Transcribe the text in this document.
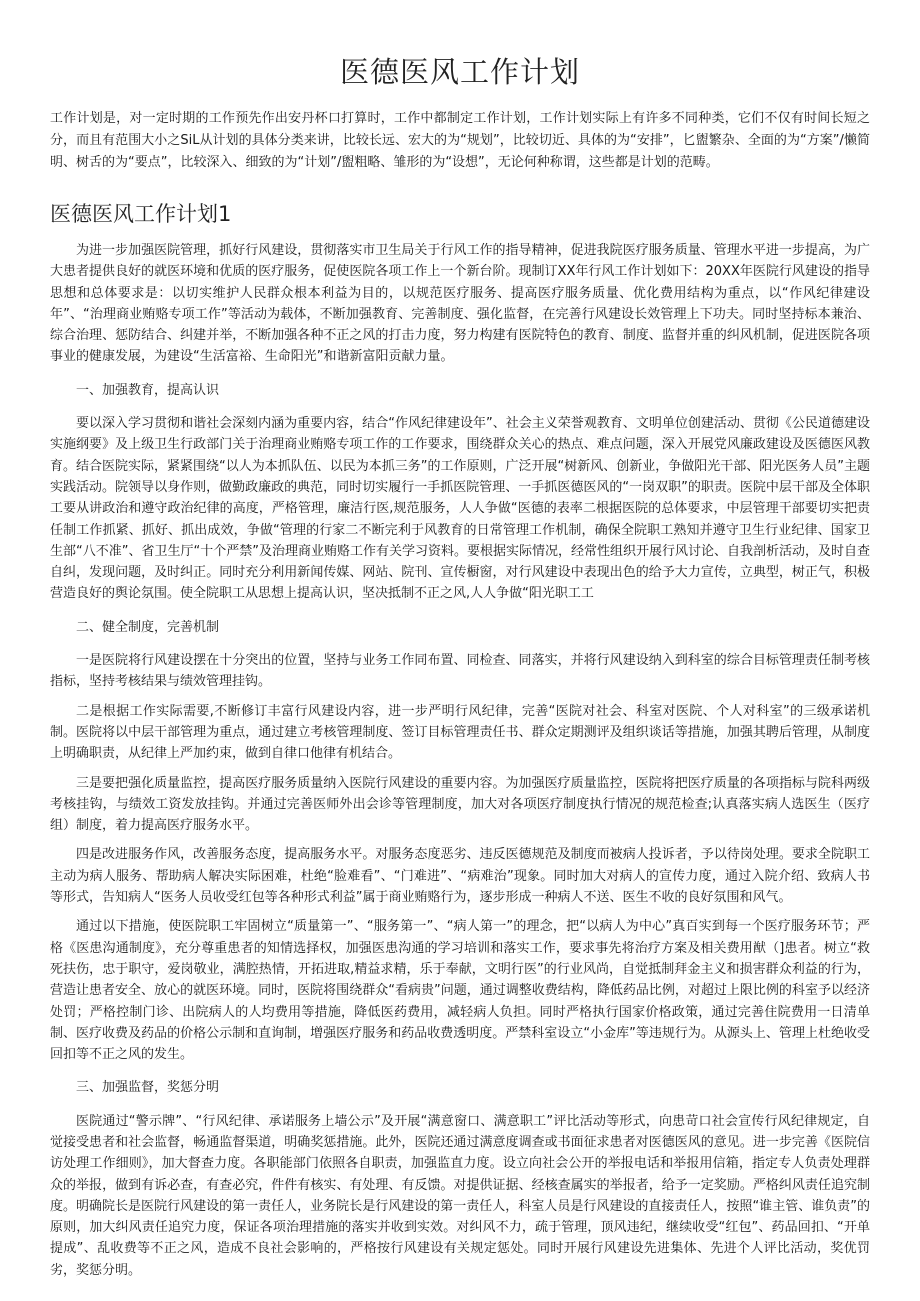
医德医风工作计划

工作计划是，对一定时期的工作预先作出安丹杯口打算时，工作中都制定工作计划，工作计划实际上有许多不同种类，它们不仅有时间长短之分，而且有范围大小之SiL从计划的具体分类来讲，比较长远、宏大的为“规划”，比较切近、具体的为“安排”，匕盥繁杂、全面的为“方案”/懒简明、树舌的为“要点”，比较深入、细致的为“计划”/盥粗略、雏形的为“设想”，无论何种称谓，这些都是计划的范畴。

医德医风工作计划1

为进一步加强医院管理，抓好行风建设，贯彻落实市卫生局关于行风工作的指导精神，促进我院医疗服务质量、管理水平进一步提高，为广大患者提供良好的就医环境和优质的医疗服务，促使医院各项工作上一个新台阶。现制订XX年行风工作计划如下：20XX年医院行风建设的指导思想和总体要求是：以切实维护人民群众根本利益为目的，以规范医疗服务、提高医疗服务质量、优化费用结构为重点，以“作风纪律建设年”、“治理商业贿赂专项工作”等活动为载体，不断加强教育、完善制度、强化监督，在完善行风建设长效管理上下功夫。同时坚持标本兼治、综合治理、惩防结合、纠建并举，不断加强各种不正之风的打击力度，努力构建有医院特色的教育、制度、监督并重的纠风机制，促进医院各项事业的健康发展，为建设“生活富裕、生命阳光”和谐新富阳贡献力量。

一、加强教育，提高认识

要以深入学习贯彻和谐社会深刻内涵为重要内容，结合“作风纪律建设年”、社会主义荣誉观教育、文明单位创建活动、贯彻《公民道德建设实施纲要》及上级卫生行政部门关于治理商业贿赂专项工作的工作要求，围绕群众关心的热点、难点问题，深入开展党风廉政建设及医德医风教育。结合医院实际，紧紧围绕“以人为本抓队伍、以民为本抓三务”的工作原则，广泛开展“树新风、创新业，争做阳光干部、阳光医务人员”主题实践活动。院领导以身作则，做勤政廉政的典范，同时切实履行一手抓医院管理、一手抓医德医风的“一岗双职”的职责。医院中层干部及全体职工要从讲政治和遵守政治纪律的高度，严格管理，廉洁行医,规范服务，人人争做“医德的表率二根据医院的总体要求，中层管理干部要切实把责任制工作抓紧、抓好、抓出成效，争做“管理的行家二不断完利于风教育的日常管理工作机制，确保全院职工熟知并遵守卫生行业纪律、国家卫生部“八不准”、省卫生厅“十个严禁”及治理商业贿赂工作有关学习资料。要根据实际情况，经常性组织开展行风讨论、自我剖析活动，及时自查自纠，发现问题，及时纠正。同时充分利用新闻传媒、网站、院刊、宣传橱窗，对行风建设中表现出色的给予大力宣传，立典型，树正气，积极营造良好的舆论氛围。使全院职工从思想上提高认识，坚决抵制不正之风,人人争做“阳光职工工

二、健全制度，完善机制

一是医院将行风建设摆在十分突出的位置，坚持与业务工作同布置、同检查、同落实，并将行风建设纳入到科室的综合目标管理责任制考核指标，坚持考核结果与绩效管理挂钩。

二是根据工作实际需要,不断修订丰富行风建设内容，进一步严明行风纪律，完善“医院对社会、科室对医院、个人对科室”的三级承诺机制。医院将以中层干部管理为重点，通过建立考核管理制度、签订目标管理责任书、群众定期测评及组织谈话等措施，加强其聘后管理，从制度上明确职责，从纪律上严加约束，做到自律口他律有机结合。

三是要把强化质量监控，提高医疗服务质量纳入医院行风建设的重要内容。为加强医疗质量监控，医院将把医疗质量的各项指标与院科两级考核挂钩，与绩效工资发放挂钩。并通过完善医师外出会诊等管理制度，加大对各项医疗制度执行情况的规范检查;认真落实病人选医生（医疗组）制度，着力提高医疗服务水平。

四是改进服务作风，改善服务态度，提高服务水平。对服务态度恶劣、违反医德规范及制度而被病人投诉者，予以待岗处理。要求全院职工主动为病人服务、帮助病人解决实际困难，杜绝“脸难看”、“门难进”、“病难治”现象。同时加大对病人的宣传力度，通过入院介绍、致病人书等形式，告知病人“医务人员收受红包等各种形式利益”属于商业贿赂行为，逐步形成一种病人不送、医生不收的良好氛围和风气。

通过以下措施，使医院职工牢固树立“质量第一”、“服务第一”、“病人第一”的理念，把“以病人为中心”真百实到每一个医疗服务环节；严格《医患沟通制度》，充分尊重患者的知情选择权，加强医患沟通的学习培训和落实工作，要求事先将治疗方案及相关费用猷（]患者。树立“救死扶伤，忠于职守，爱岗敬业，满腔热情，开拓进取,精益求精，乐于奉献，文明行医”的行业风尚，自觉抵制拜金主义和损害群众利益的行为，营造让患者安全、放心的就医环境。同时，医院将围绕群众“看病贵”问题，通过调整收费结构，降低药品比例，对超过上限比例的科室予以经济处罚；严格控制门诊、出院病人的人均费用等措施，降低医药费用，减轻病人负担。同时严格执行国家价格政策，通过完善住院费用一日清单制、医疗收费及药品的价格公示制和直询制，增强医疗服务和药品收费透明度。严禁科室设立“小金库”等违规行为。从源头上、管理上杜绝收受回扣等不正之风的发生。

三、加强监督，奖惩分明

医院通过“警示牌”、“行风纪律、承诺服务上墙公示”及开展“满意窗口、满意职工”评比活动等形式，向患苛口社会宣传行风纪律规定，自觉接受患者和社会监督，畅通监督渠道，明确奖惩措施。此外，医院还通过满意度调查或书面征求患者对医德医风的意见。进一步完善《医院信访处理工作细则》，加大督查力度。各职能部门依照各自职责，加强监直力度。设立向社会公开的举报电话和举报用信箱，指定专人负责处理群众的举报，做到有诉必查，有查必究，件件有核实、有处理、有反馈。对提供证据、经核查属实的举报者，给予一定奖励。严格纠风责任追究制度。明确院长是医院行风建设的第一责任人，业务院长是行风建设的第一责任人，科室人员是行风建设的直接责任人，按照“谁主管、谁负责”的原则，加大纠风责任追究力度，保证各项治理措施的落实并收到实效。对纠风不力，疏于管理，顶风违纪，继续收受“红包”、药品回扣、“开单提成”、乱收费等不正之风，造成不良社会影响的，严格按行风建设有关规定惩处。同时开展行风建设先进集体、先进个人评比活动，奖优罚劣，奖惩分明。
